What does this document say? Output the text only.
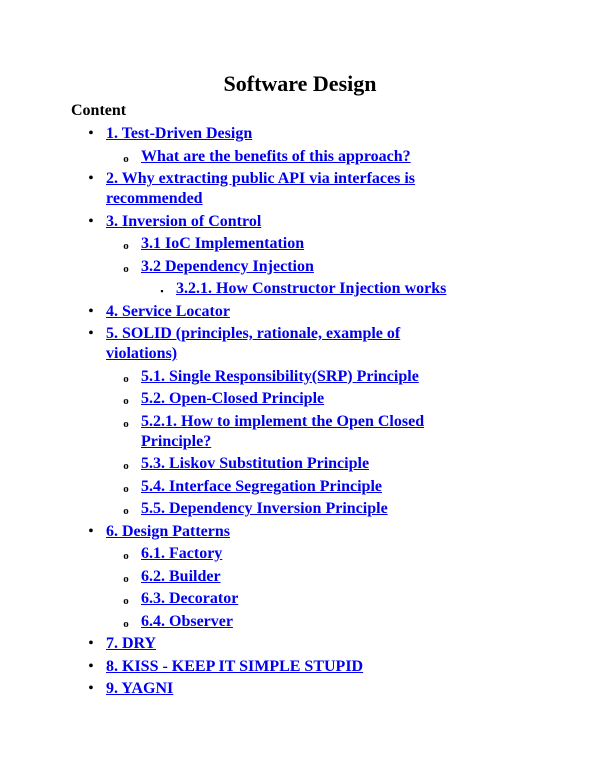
Software Design
Content
• 1. Test-Driven Design
o What are the benefits of this approach?
• 2. Why extracting public API via interfaces is recommended
• 3. Inversion of Control
o 3.1 IoC Implementation
o 3.2 Dependency Injection
▪ 3.2.1. How Constructor Injection works
• 4. Service Locator
• 5. SOLID (principles, rationale, example of violations)
o 5.1. Single Responsibility(SRP) Principle
o 5.2. Open-Closed Principle
o 5.2.1. How to implement the Open Closed Principle?
o 5.3. Liskov Substitution Principle
o 5.4. Interface Segregation Principle
o 5.5. Dependency Inversion Principle
• 6. Design Patterns
o 6.1. Factory
o 6.2. Builder
o 6.3. Decorator
o 6.4. Observer
• 7. DRY
• 8. KISS - KEEP IT SIMPLE STUPID
• 9. YAGNI
